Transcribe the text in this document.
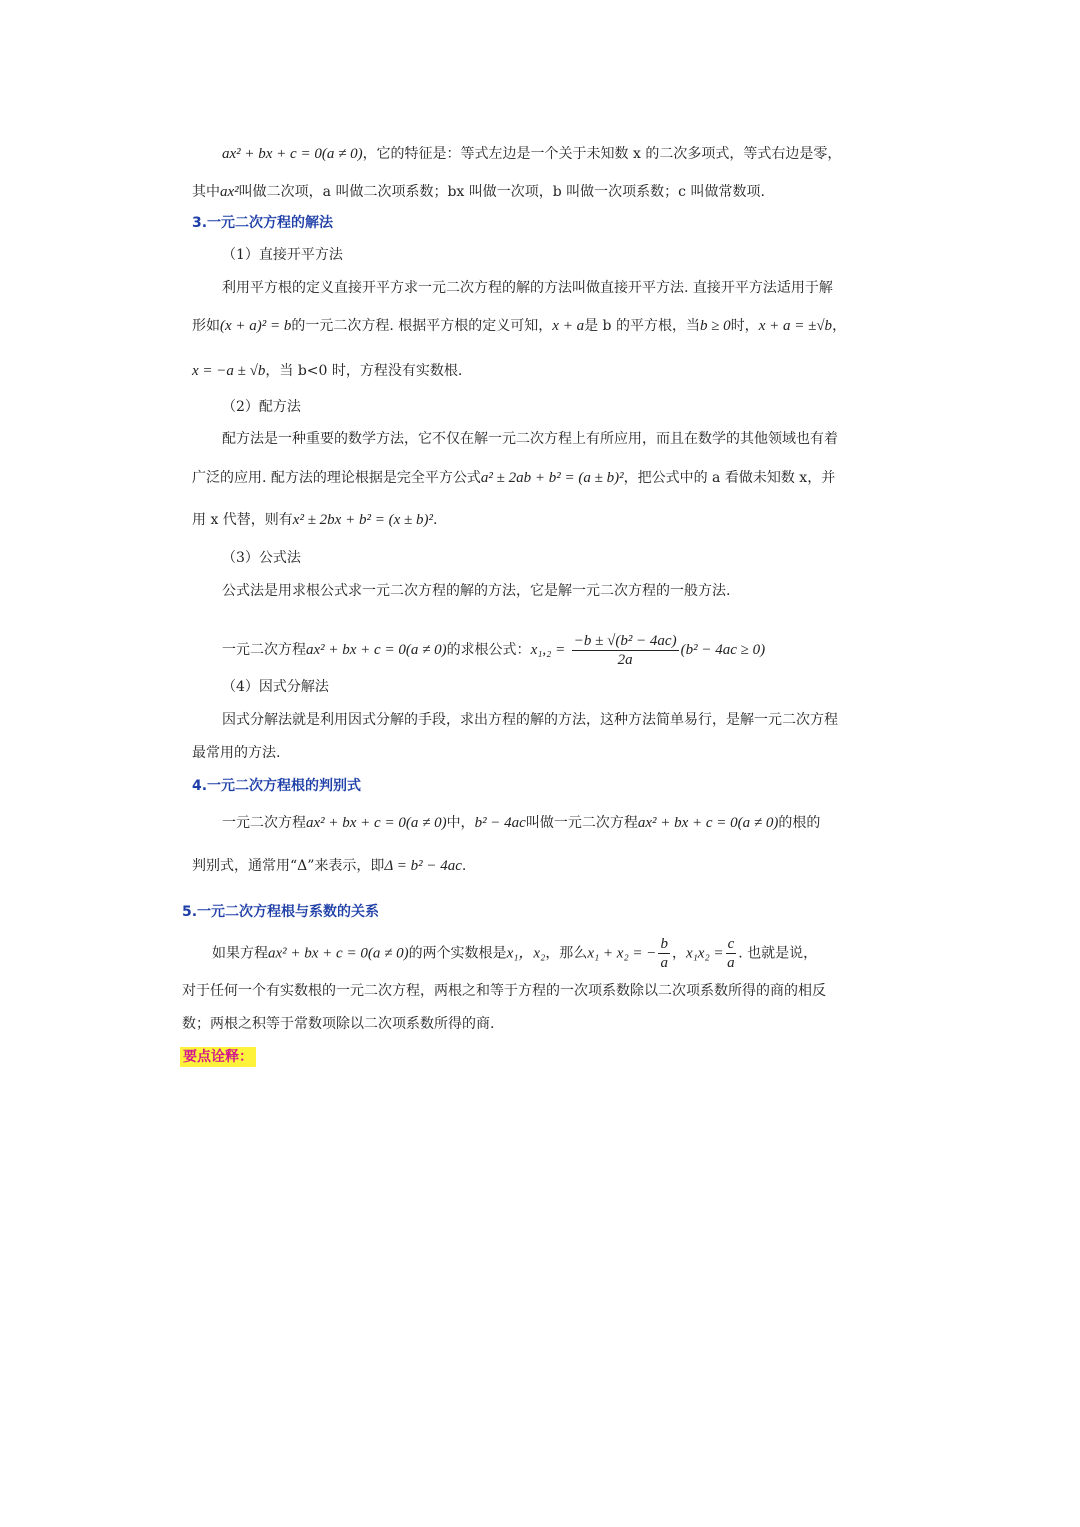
ax² + bx + c = 0(a ≠ 0)，它的特征是：等式左边是一个关于未知数 x 的二次多项式，等式右边是零，
其中ax²叫做二次项，a 叫做二次项系数；bx 叫做一次项，b 叫做一次项系数；c 叫做常数项.
3.一元二次方程的解法
（1）直接开平方法
利用平方根的定义直接开平方求一元二次方程的解的方法叫做直接开平方法. 直接开平方法适用于解
形如(x + a)² = b的一元二次方程. 根据平方根的定义可知，x + a是 b 的平方根，当b ≥ 0时，x + a = ±√b，
x = −a ± √b，当 b<0 时，方程没有实数根.
（2）配方法
配方法是一种重要的数学方法，它不仅在解一元二次方程上有所应用，而且在数学的其他领域也有着
广泛的应用. 配方法的理论根据是完全平方公式a² ± 2ab + b² = (a ± b)²，把公式中的 a 看做未知数 x，并
用 x 代替，则有x² ± 2bx + b² = (x ± b)².
（3）公式法
公式法是用求根公式求一元二次方程的解的方法，它是解一元二次方程的一般方法.
一元二次方程ax² + bx + c = 0(a ≠ 0)的求根公式：$x_1,_2 = \frac{\text{−b ± √(b² − 4ac)}}{2a} (b^2 - 4ac \ge 0)$
（4）因式分解法
因式分解法就是利用因式分解的手段，求出方程的解的方法，这种方法简单易行，是解一元二次方程
最常用的方法.
4.一元二次方程根的判别式
一元二次方程ax² + bx + c = 0(a ≠ 0)中，b² − 4ac叫做一元二次方程ax² + bx + c = 0(a ≠ 0)的根的
判别式，通常用“Δ”来表示，即Δ = b² − 4ac.
5.一元二次方程根与系数的关系
如果方程ax² + bx + c = 0(a ≠ 0)的两个实数根是x₁，x₂，那么x₁ + x₂ = − $\frac{b}{a}$ ，$x_1x_2 = \frac{c}{a}$ . 也就是说，
对于任何一个有实数根的一元二次方程，两根之和等于方程的一次项系数除以二次项系数所得的商的相反
数；两根之积等于常数项除以二次项系数所得的商.
要点诠释：
